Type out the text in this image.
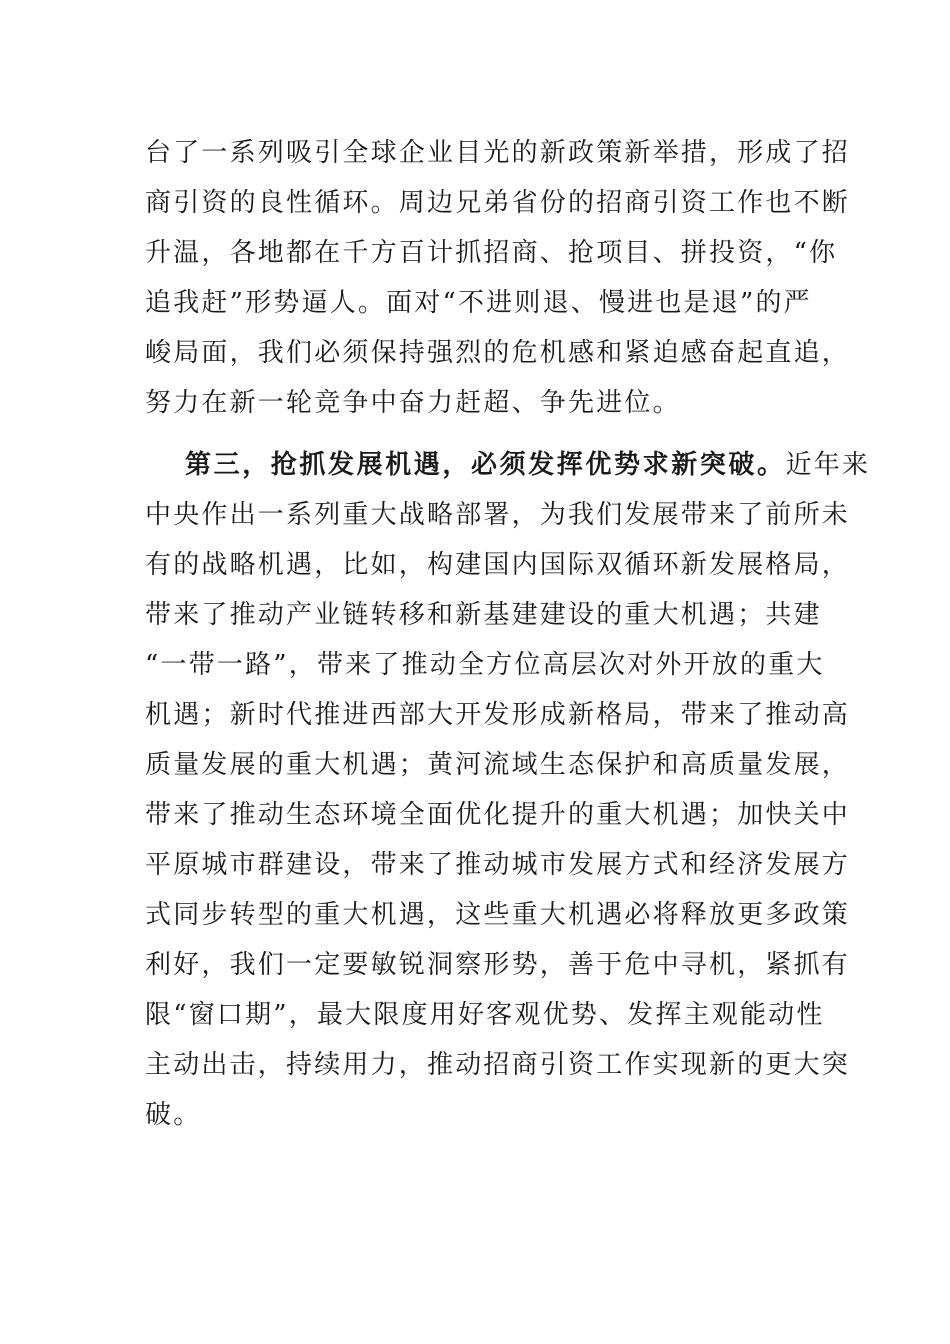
台了一系列吸引全球企业目光的新政策新举措，形成了招
商引资的良性循环。周边兄弟省份的招商引资工作也不断
升温，各地都在千方百计抓招商、抢项目、拼投资，“你
追我赶”形势逼人。面对“不进则退、慢进也是退”的严
峻局面，我们必须保持强烈的危机感和紧迫感奋起直追，
努力在新一轮竞争中奋力赶超、争先进位。
第三，抢抓发展机遇，必须发挥优势求新突破。近年来
中央作出一系列重大战略部署，为我们发展带来了前所未
有的战略机遇，比如，构建国内国际双循环新发展格局，
带来了推动产业链转移和新基建建设的重大机遇；共建
“一带一路”，带来了推动全方位高层次对外开放的重大
机遇；新时代推进西部大开发形成新格局，带来了推动高
质量发展的重大机遇；黄河流域生态保护和高质量发展，
带来了推动生态环境全面优化提升的重大机遇；加快关中
平原城市群建设，带来了推动城市发展方式和经济发展方
式同步转型的重大机遇，这些重大机遇必将释放更多政策
利好，我们一定要敏锐洞察形势，善于危中寻机，紧抓有
限“窗口期”，最大限度用好客观优势、发挥主观能动性
主动出击，持续用力，推动招商引资工作实现新的更大突
破。
